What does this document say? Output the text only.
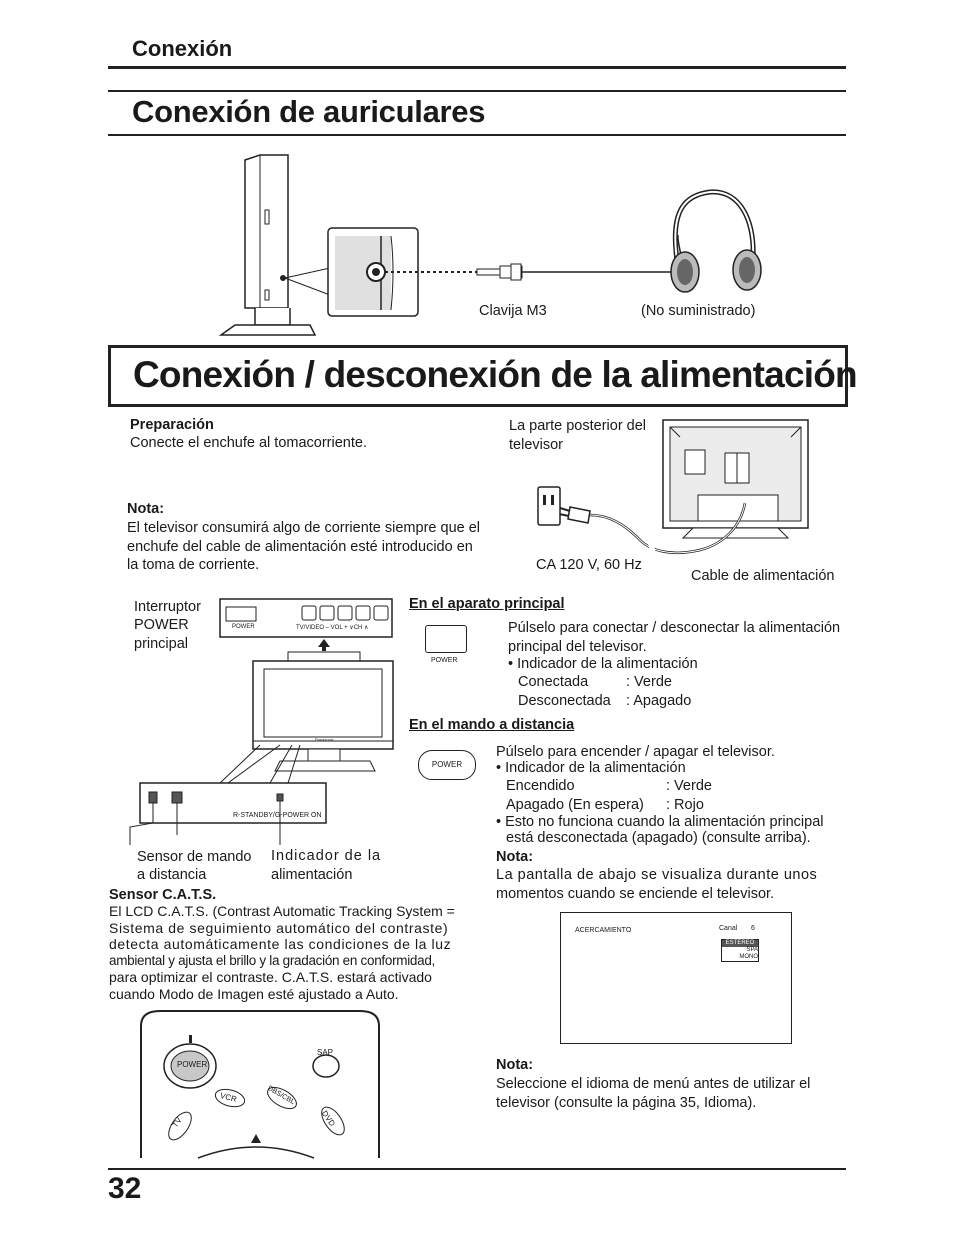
Conexión
Conexión de auriculares
Clavija M3	(No suministrado)
Conexión / desconexión de la alimentación
Preparación
Conecte el enchufe al tomacorriente.
Nota:
El televisor consumirá algo de corriente siempre que el
enchufe del cable de alimentación esté introducido en
la toma de corriente.
La parte posterior del
televisor
CA 120 V, 60 Hz
Cable de alimentación
Interruptor
POWER
principal
POWER	TV/VIDEO – VOL + ∨CH ∧
Panasonic
R-STANDBY/G-POWER ON
Sensor de mando
a distancia
Indicador de la
alimentación
En el aparato principal
POWER
Púlselo para conectar / desconectar la alimentación
principal del televisor.
• Indicador de la alimentación
Conectada	: Verde
Desconectada : Apagado
En el mando a distancia
POWER
Púlselo para encender / apagar el televisor.
• Indicador de la alimentación
Encendido	: Verde
Apagado (En espera) : Rojo
• Esto no funciona cuando la alimentación principal
está desconectada (apagado) (consulte arriba).
Nota:
La pantalla de abajo se visualiza durante unos
momentos cuando se enciende el televisor.
ACERCAMIENTO	Canal 6
ESTÉREO
SPA
MONO
Sensor C.A.T.S.
El LCD C.A.T.S. (Contrast Automatic Tracking System =
Sistema de seguimiento automático del contraste)
detecta automáticamente las condiciones de la luz
ambiental y ajusta el brillo y la gradación en conformidad,
para optimizar el contraste. C.A.T.S. estará activado
cuando Modo de Imagen esté ajustado a Auto.
POWER
SAP
VCR	DBS/CBL
TV	DVD
Nota:
Seleccione el idioma de menú antes de utilizar el
televisor (consulte la página 35, Idioma).
32
